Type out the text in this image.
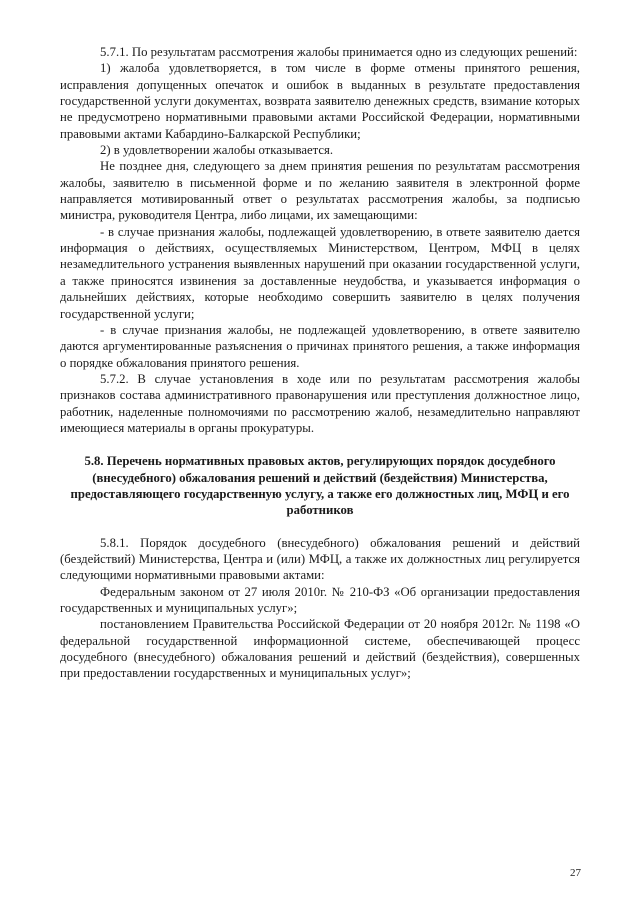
5.7.1. По результатам рассмотрения жалобы принимается одно из следующих решений:

1) жалоба удовлетворяется, в том числе в форме отмены принятого решения, исправления допущенных опечаток и ошибок в выданных в результате предоставления государственной услуги документах, возврата заявителю денежных средств, взимание которых не предусмотрено нормативными правовыми актами Российской Федерации, нормативными правовыми актами Кабардино-Балкарской Республики;

2) в удовлетворении жалобы отказывается.

Не позднее дня, следующего за днем принятия решения по результатам рассмотрения жалобы, заявителю в письменной форме и по желанию заявителя в электронной форме направляется мотивированный ответ о результатах рассмотрения жалобы, за подписью министра, руководителя Центра, либо лицами, их замещающими:

- в случае признания жалобы, подлежащей удовлетворению, в ответе заявителю дается информация о действиях, осуществляемых Министерством, Центром, МФЦ в целях незамедлительного устранения выявленных нарушений при оказании государственной услуги, а также приносятся извинения за доставленные неудобства, и указывается информация о дальнейших действиях, которые необходимо совершить заявителю в целях получения государственной услуги;

- в случае признания жалобы, не подлежащей удовлетворению, в ответе заявителю даются аргументированные разъяснения о причинах принятого решения, а также информация о порядке обжалования принятого решения.

5.7.2. В случае установления в ходе или по результатам рассмотрения жалобы признаков состава административного правонарушения или преступления должностное лицо, работник, наделенные полномочиями по рассмотрению жалоб, незамедлительно направляют имеющиеся материалы в органы прокуратуры.

5.8. Перечень нормативных правовых актов, регулирующих порядок досудебного (внесудебного) обжалования решений и действий (бездействия) Министерства, предоставляющего государственную услугу, а также его должностных лиц, МФЦ и его работников

5.8.1. Порядок досудебного (внесудебного) обжалования решений и действий (бездействий) Министерства, Центра и (или) МФЦ, а также их должностных лиц регулируется следующими нормативными правовыми актами:

Федеральным законом от 27 июля 2010г. № 210-ФЗ «Об организации предоставления государственных и муниципальных услуг»;

постановлением Правительства Российской Федерации от 20 ноября 2012г. № 1198 «О федеральной государственной информационной системе, обеспечивающей процесс досудебного (внесудебного) обжалования решений и действий (бездействия), совершенных при предоставлении государственных и муниципальных услуг»;

27
